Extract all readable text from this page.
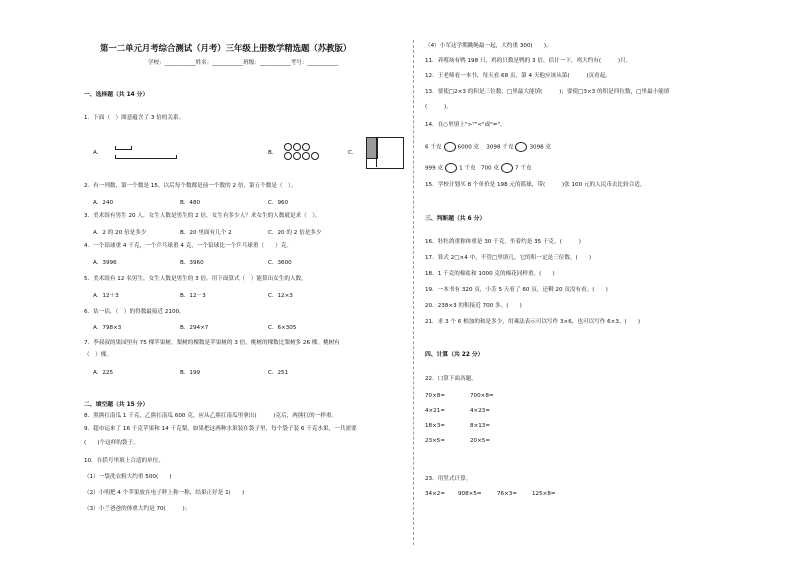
第一二单元月考综合测试（月考）三年级上册数学精选题（苏教版）
学校：___________姓名：___________班级：___________考号：___________
一、选择题（共 14 分）
1．下面（　）图意蕴含了 3 倍的关系。
A．	B．	C．
2．有一列数，第一个数是 15，以后每个数都是前一个数的 2 倍，第五个数是（　）。
A．240	B．480	C．960
3．美术组有男生 20 人，女生人数是男生的 2 倍，女生有多少人？求女生的人数就是求（　）。
A．2 的 20 倍是多少	B．20 里面有几个 2	C．20 的 2 倍是多少
4．一个铅球重 4 千克，一个乒乓球重 4 克，一个铅球比一个乒乓球重（　　）克。
A．3996	B．3960	C．3600
5．美术组有 12 名男生，女生人数是男生的 3 倍。用下面算式（　）能算出女生的人数。
A．12＋3	B．12－3	C．12×3
6．估一估，（　）的得数最接近 2100。
A．798×3	B．294×7	C．6×305
7．李叔叔的果园里有 75 棵苹果树，梨树的棵数是苹果树的 3 倍，桃树的棵数比梨树多 26 棵。桃树有
（　）棵。
A．225	B．199	C．251
二、填空题（共 15 分）
8．黑熊扛南瓜 1 千克，乙熊扛南瓜 600 克，应从乙熊扛南瓜里拿出(　　　)克后，两熊扛的一样重。
9．超市运来了 16 千克苹果和 14 千克梨，如果把这两种水果装在袋子里，每个袋子装 6 千克水果，一共需要
(　　)个这样的袋子。
10．在括号里填上合适的单位。
（1）一袋洗衣粉大约重 500(　　)
（2）小明把 4 个苹果放在电子秤上称一称，结果正好是 1(　　)
（3）小兰爸爸的体重大约是 70(　　　)；
（4）小军这学期跳绳最一起，大约重 300(　　)。
11．养殖场有鸭 198 只，鸡的只数是鸭的 3 倍，估计一下，鸡大约有(　　　)只。
12．王老师看一本书，每天看 68 页，第 4 天他应该从第(　　　)页看起。
13．要使□2×3 的积是三位数，□里最大能填(　　　)；要使□3×3 的积是四位数，□里最小能填
(　　　)。
14．在○里填上">""<"或"="。
6 千克	6000 克 3098 千克	3098 克
999 克	1 千克 700 克	7 千克
15．学校计划买 8 个单价是 198 元的篮球，带(　　　)张 100 元的人民币去比较合适。
三、判断题（共 6 分）
16．牡牡鸽重称体重是 30 千克，坐着约是 35 千克。(　　　)
17．算式 2□×4 中，不管□里填几，它的积一定是三位数。(　　)
18．1 千克的棉盐和 1000 克的棉花同样重。(　　)
19．一本书有 320 页，小芳 5 天看了 60 页，还剩 20 页没有看。(　　)
20．238×3 的积接近 700 多。(　　)
21．求 3 个 6 相加的和是多少，用乘法表示可以写作 3×6，也可以写作 6×3。(　　)
四、计算（共 22 分）
22．口算下面各题。
70×8=	700×8=
4×21=	4×23=
18×3=	8×13=
23×5=	20×5=
23．用竖式计算。
34×2= 908×5=	76×3=	125×8=
